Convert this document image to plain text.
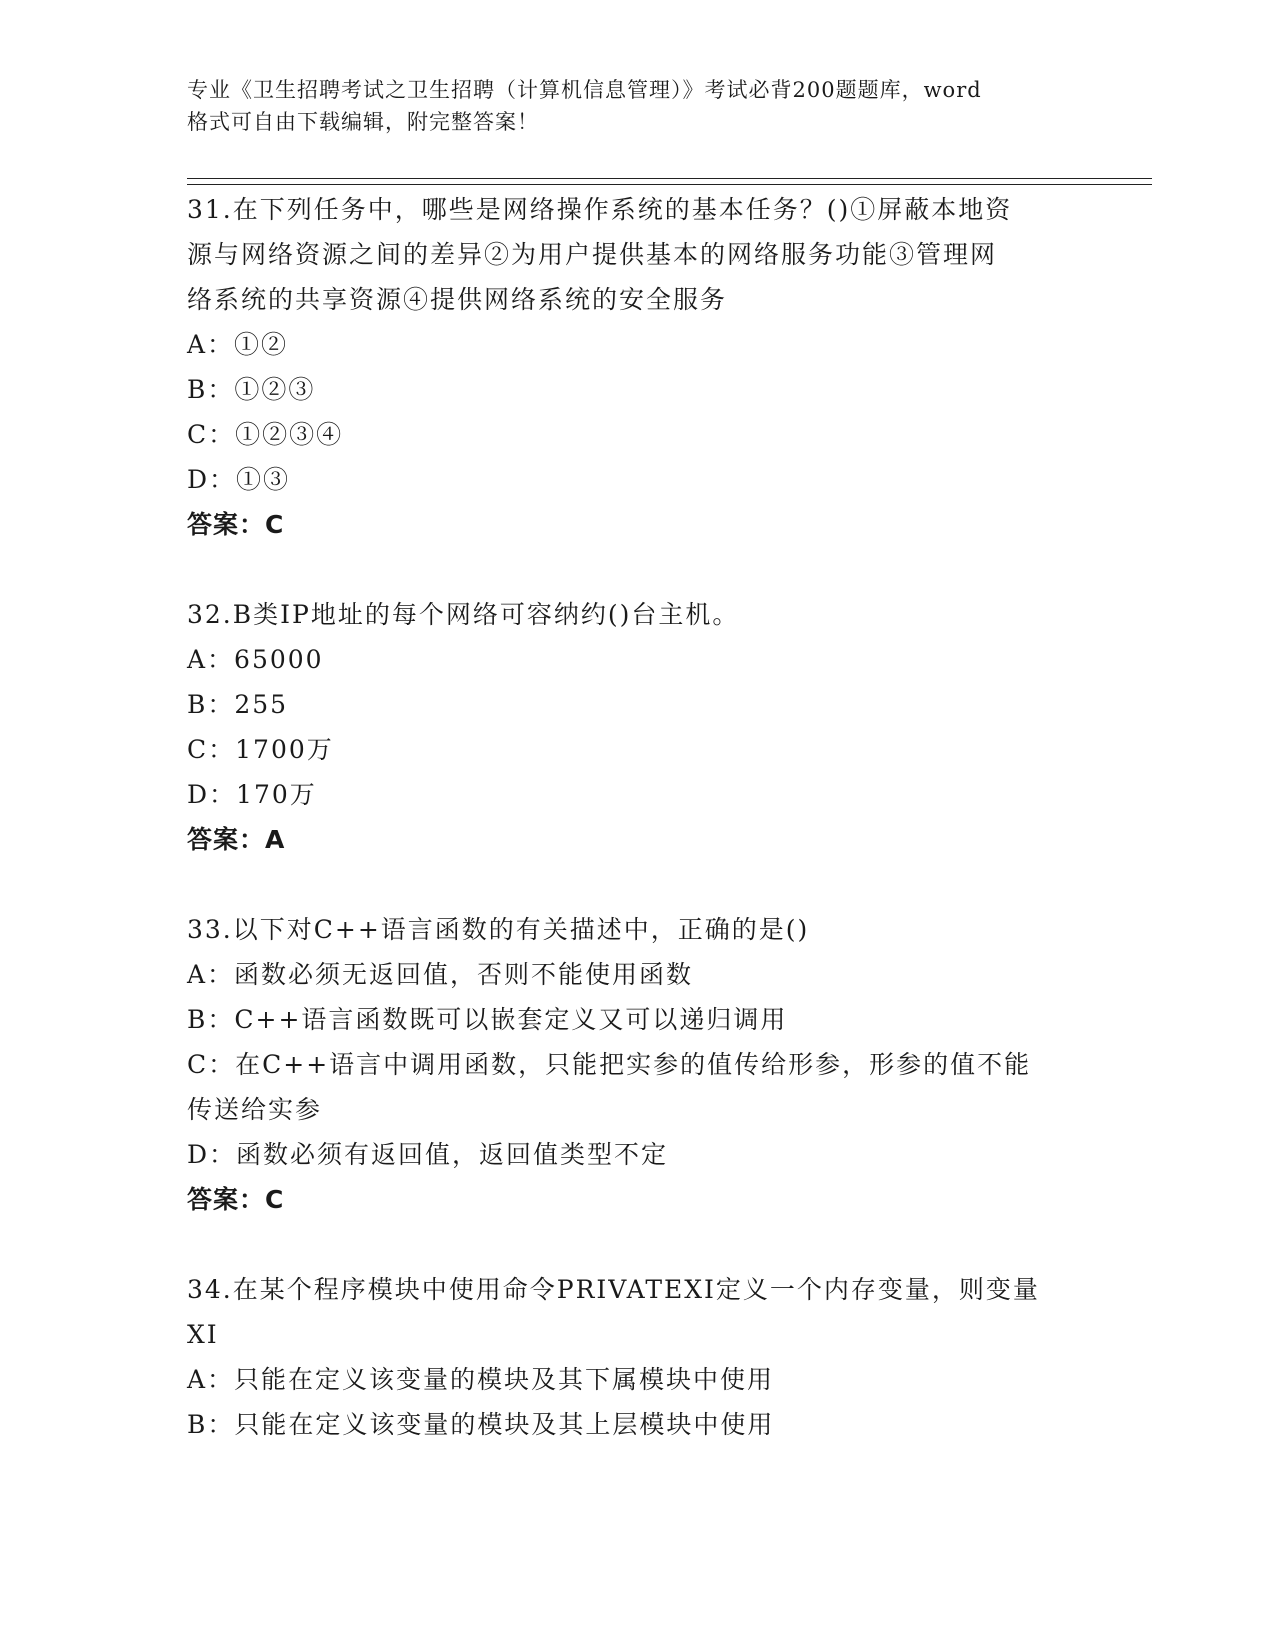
专业《卫生招聘考试之卫生招聘（计算机信息管理）》考试必背200题题库，word
格式可自由下载编辑，附完整答案！
31.在下列任务中，哪些是网络操作系统的基本任务？()①屏蔽本地资
源与网络资源之间的差异②为用户提供基本的网络服务功能③管理网
络系统的共享资源④提供网络系统的安全服务
A：①②
B：①②③
C：①②③④
D：①③
答案：C
32.B类IP地址的每个网络可容纳约()台主机。
A：65000
B：255
C：1700万
D：170万
答案：A
33.以下对C++语言函数的有关描述中，正确的是()
A：函数必须无返回值，否则不能使用函数
B：C++语言函数既可以嵌套定义又可以递归调用
C：在C++语言中调用函数，只能把实参的值传给形参，形参的值不能
传送给实参
D：函数必须有返回值，返回值类型不定
答案：C
34.在某个程序模块中使用命令PRIVATEXI定义一个内存变量，则变量
XI
A：只能在定义该变量的模块及其下属模块中使用
B：只能在定义该变量的模块及其上层模块中使用
